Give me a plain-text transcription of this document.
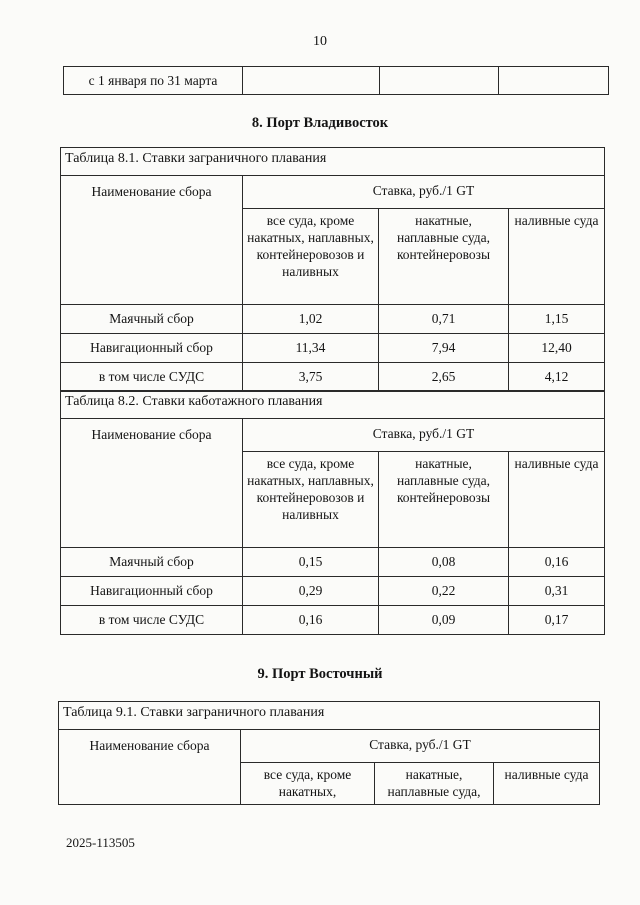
10
с 1 января по 31 марта			
8. Порт Владивосток
Таблица 8.1. Ставки заграничного плавания			
Наименование сбора	Ставка, руб./1 GT		
	все суда, кроме накатных, наплавных, контейнеровозов и наливных	накатные, наплавные суда, контейнеровозы	наливные суда
Маячный сбор	1,02	0,71	1,15
Навигационный сбор	11,34	7,94	12,40
в том числе СУДС	3,75	2,65	4,12
Таблица 8.2. Ставки каботажного плавания			
Наименование сбора	Ставка, руб./1 GT		
	все суда, кроме накатных, наплавных, контейнеровозов и наливных	накатные, наплавные суда, контейнеровозы	наливные суда
Маячный сбор	0,15	0,08	0,16
Навигационный сбор	0,29	0,22	0,31
в том числе СУДС	0,16	0,09	0,17
9. Порт Восточный
Таблица 9.1. Ставки заграничного плавания			
Наименование сбора	Ставка, руб./1 GT		
	все суда, кроме накатных,	накатные, наплавные суда,	наливные суда
2025-113505
